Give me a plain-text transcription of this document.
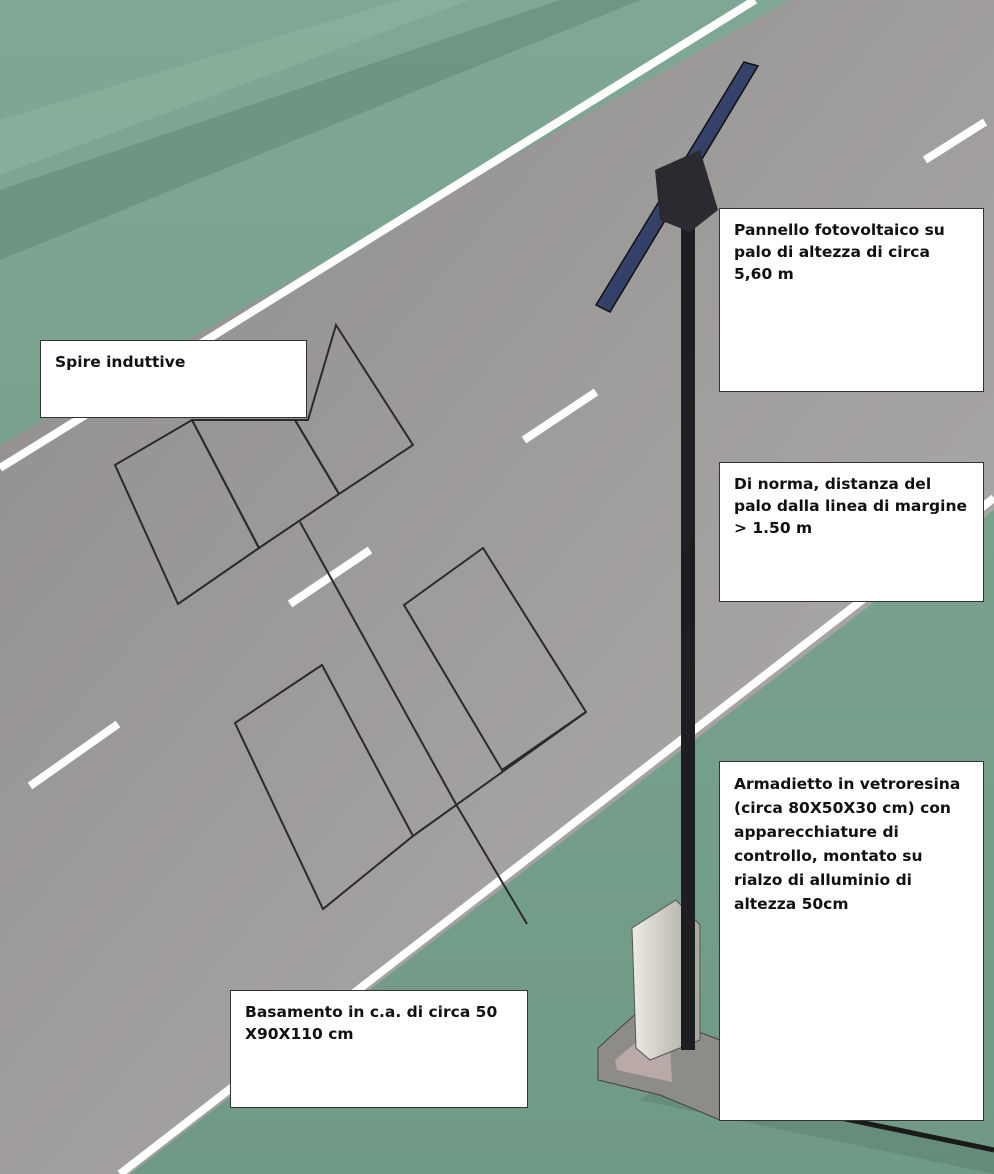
Pannello fotovoltaico su
palo di altezza di circa
5,60 m
Spire induttive
Di norma, distanza del
palo dalla linea di margine
> 1.50 m
Armadietto in vetroresina
(circa 80X50X30 cm) con
apparecchiature di
controllo, montato su
rialzo di alluminio di
altezza 50cm
Basamento in c.a. di circa 50
X90X110 cm
